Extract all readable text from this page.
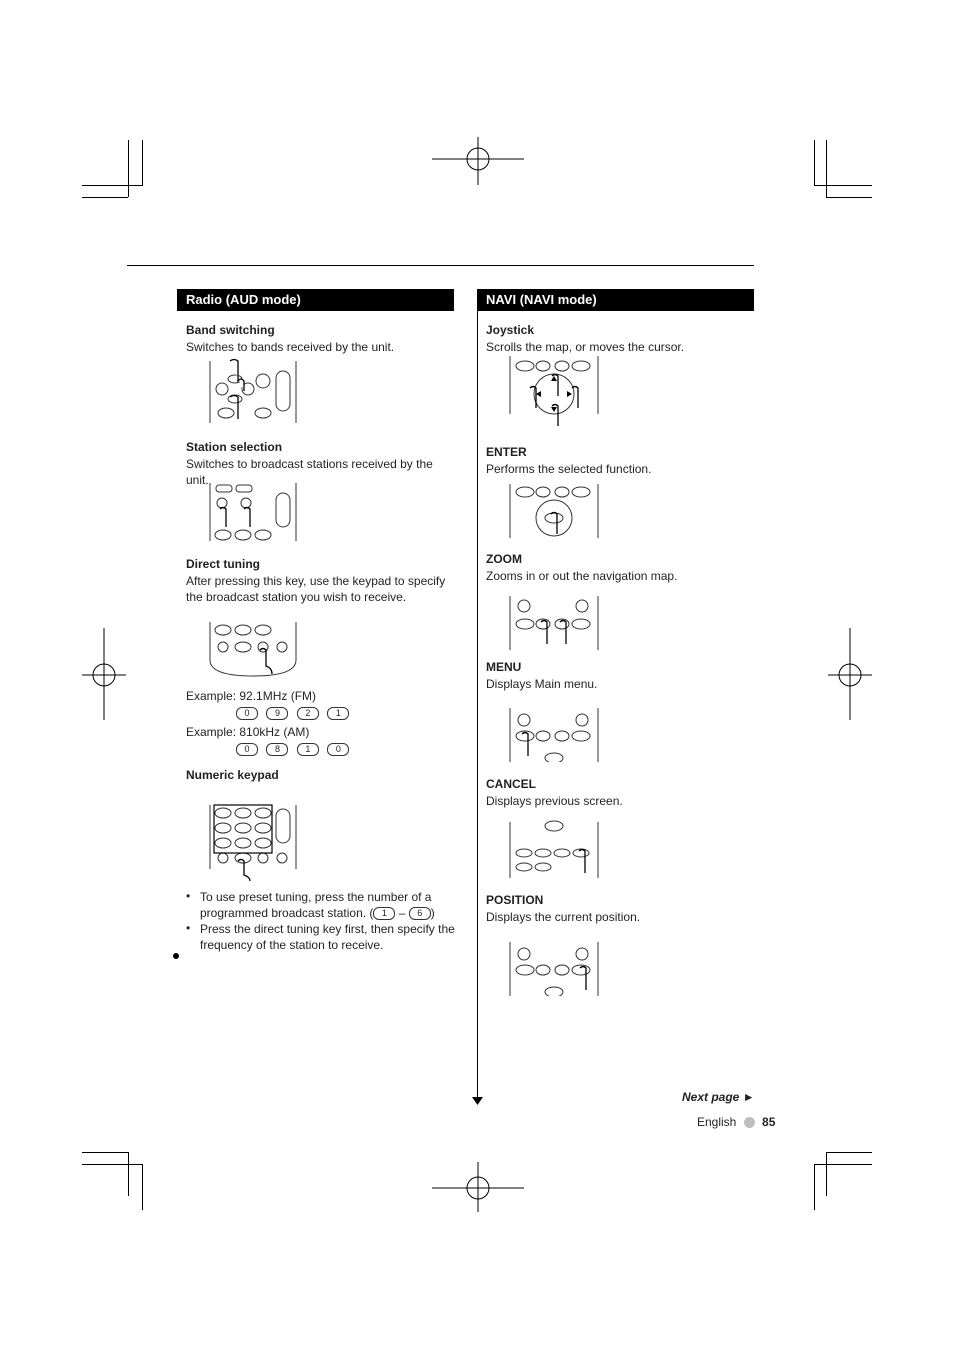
Radio (AUD mode)
Band switching
Switches to bands received by the unit.
Station selection
Switches to broadcast stations received by the unit.
Direct tuning
After pressing this key, use the keypad to specify the broadcast station you wish to receive.
Example: 92.1MHz (FM)
0	9	2	1
Example: 810kHz (AM)
0	8	1	0
Numeric keypad
• To use preset tuning, press the number of a programmed broadcast station. ( 1 – 6 )
• Press the direct tuning key first, then specify the frequency of the station to receive.
NAVI (NAVI mode)
Joystick
Scrolls the map, or moves the cursor.
ENTER
Performs the selected function.
ZOOM
Zooms in or out the navigation map.
MENU
Displays Main menu.
CANCEL
Displays previous screen.
POSITION
Displays the current position.
Next page ►
English 85
